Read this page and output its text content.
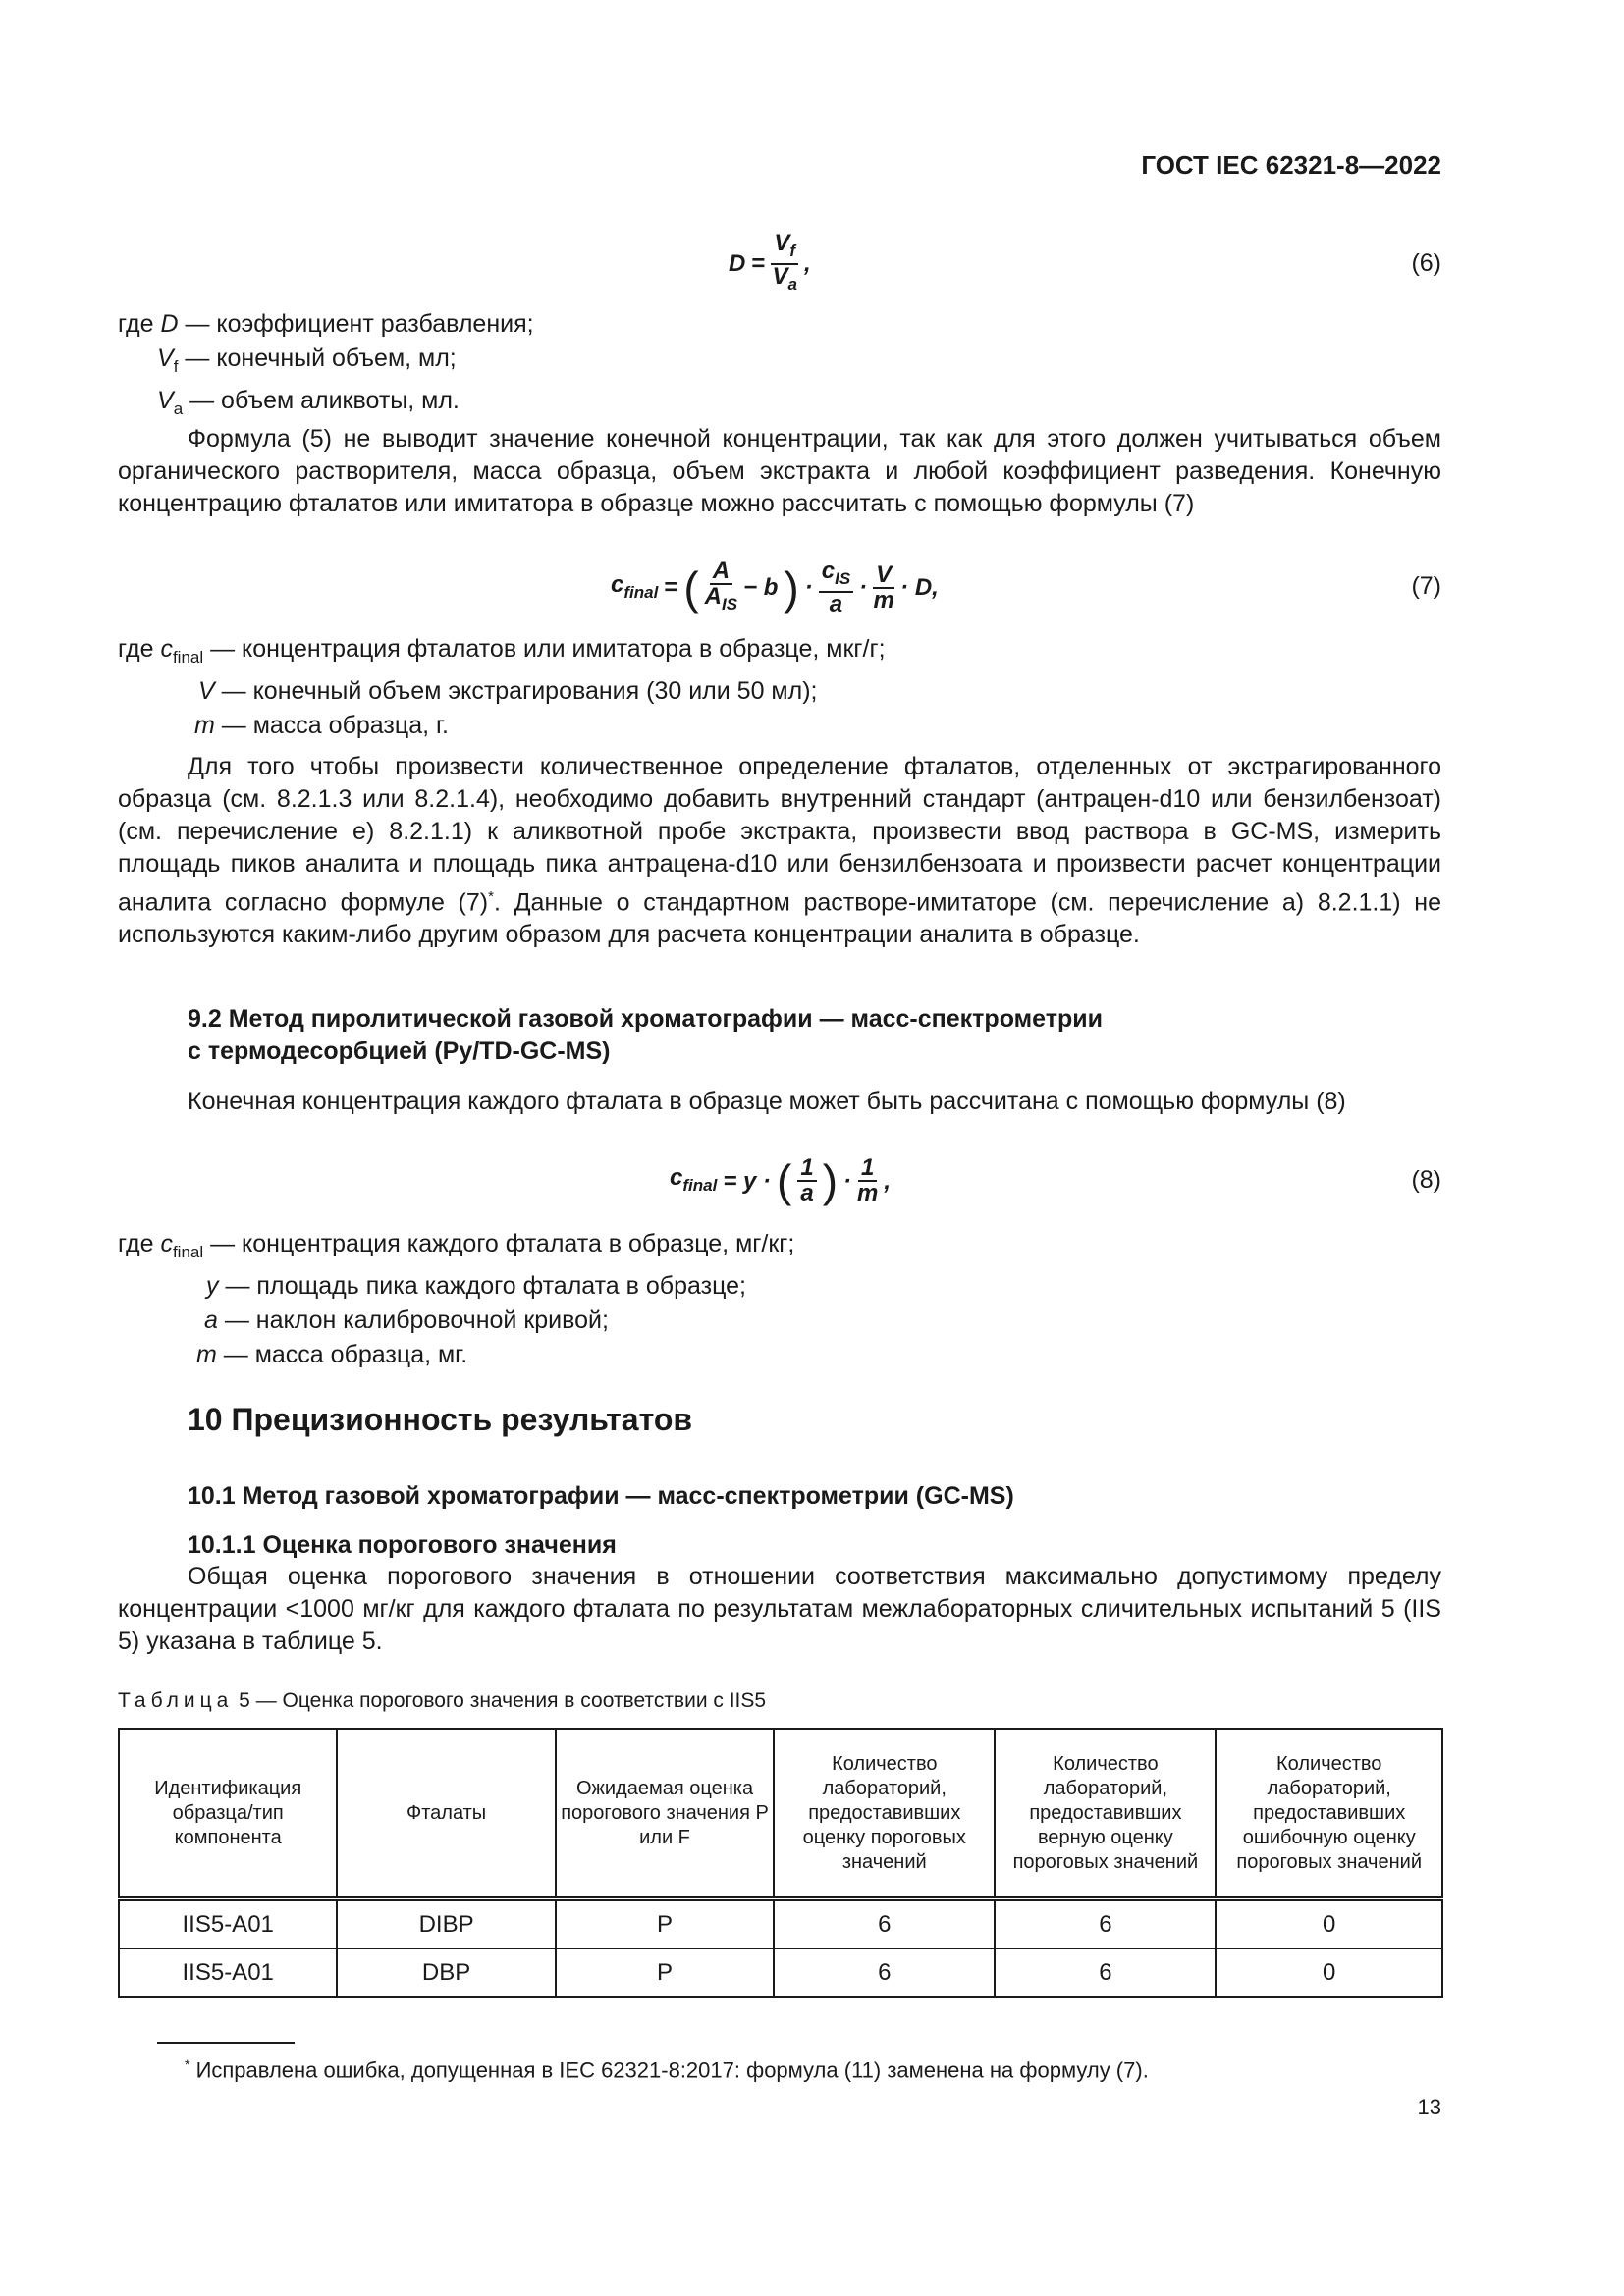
ГОСТ IEC 62321-8—2022
$D = \frac{V_f}{V_a}$ ,	(6)
где D — коэффициент разбавления;
$V_f$ — конечный объем, мл;
$V_a$ — объем аликвоты, мл.
Формула (5) не выводит значение конечной концентрации, так как для этого должен учитываться объем органического растворителя, масса образца, объем экстракта и любой коэффициент разведения. Конечную концентрацию фталатов или имитатора в образце можно рассчитать с помощью формулы (7)
$c_{final}$ = ( $\frac{A}{A_{IS}} - b$ ) · $\frac{c_{IS}}{a} \cdot \frac{V}{m} \cdot D$,	(7)
где $c_{final}$ — концентрация фталатов или имитатора в образце, мкг/г;
V — конечный объем экстрагирования (30 или 50 мл);
m — масса образца, г.
Для того чтобы произвести количественное определение фталатов, отделенных от экстрагированного образца (см. 8.2.1.3 или 8.2.1.4), необходимо добавить внутренний стандарт (антрацен-d10 или бензилбензоат) (см. перечисление е) 8.2.1.1) к аликвотной пробе экстракта, произвести ввод раствора в GC-MS, измерить площадь пиков аналита и площадь пика антрацена-d10 или бензилбензоата и произвести расчет концентрации аналита согласно формуле (7)*. Данные о стандартном растворе-имитаторе (см. перечисление а) 8.2.1.1) не используются каким-либо другим образом для расчета концентрации аналита в образце.
9.2 Метод пиролитической газовой хроматографии — масс-спектрометрии
с термодесорбцией (Py/TD-GC-MS)
Конечная концентрация каждого фталата в образце может быть рассчитана с помощью формулы (8)
$c_{final} = y$ · ( $\frac{1}{a}$ ) · $\frac{1}{m}$ ,	(8)
где $c_{final}$ — концентрация каждого фталата в образце, мг/кг;
y — площадь пика каждого фталата в образце;
a — наклон калибровочной кривой;
m — масса образца, мг.
10 Прецизионность результатов
10.1 Метод газовой хроматографии — масс-спектрометрии (GC-MS)
10.1.1 Оценка порогового значения
Общая оценка порогового значения в отношении соответствия максимально допустимому пределу концентрации <1000 мг/кг для каждого фталата по результатам межлабораторных сличительных испытаний 5 (IIS 5) указана в таблице 5.
Таблица 5 — Оценка порогового значения в соответствии с IIS5
Идентификация образца/тип компонента	Фталаты	Ожидаемая оценка порогового значения P или F	Количество лабораторий, предоставивших оценку пороговых значений	Количество лабораторий, предоставивших верную оценку пороговых значений	Количество лабораторий, предоставивших ошибочную оценку пороговых значений
IIS5-A01	DIBP	P	6	6	0
IIS5-A01	DBP	P	6	6	0
* Исправлена ошибка, допущенная в IEC 62321-8:2017: формула (11) заменена на формулу (7).
13
